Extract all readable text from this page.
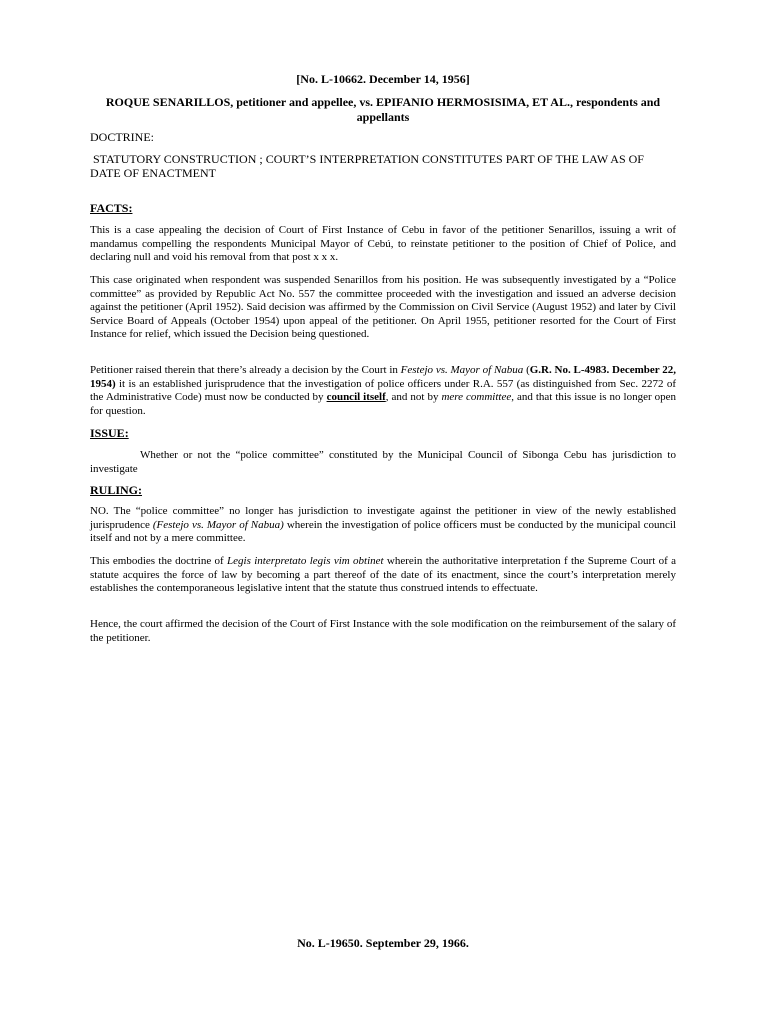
[No. L-10662. December 14, 1956]
ROQUE SENARILLOS, petitioner and appellee, vs. EPIFANIO HERMOSISIMA, ET AL., respondents and appellants
DOCTRINE:
STATUTORY CONSTRUCTION ; COURT’S INTERPRETATION CONSTITUTES PART OF THE LAW AS OF DATE OF ENACTMENT
FACTS:

This is a case appealing the decision of Court of First Instance of Cebu in favor of the petitioner Senarillos, issuing a writ of mandamus compelling the respondents Municipal Mayor of Cebú, to reinstate petitioner to the position of Chief of Police, and declaring null and void his removal from that post x x x.

This case originated when respondent was suspended Senarillos from his position. He was subsequently investigated by a “Police committee” as provided by Republic Act No. 557 the committee proceeded with the investigation and issued an adverse decision against the petitioner (April 1952). Said decision was affirmed by the Commission on Civil Service (August 1952) and later by Civil Service Board of Appeals (October 1954) upon appeal of the petitioner. On April 1955, petitioner resorted for the Court of First Instance for relief, which issued the Decision being questioned.

Petitioner raised therein that there’s already a decision by the Court in Festejo vs. Mayor of Nabua (G.R. No. L-4983. December 22, 1954) it is an established jurisprudence that the investigation of police officers under R.A. 557 (as distinguished from Sec. 2272 of the Administrative Code) must now be conducted by council itself, and not by mere committee, and that this issue is no longer open for question.

ISSUE:

Whether or not the “police committee” constituted by the Municipal Council of Sibonga Cebu has jurisdiction to investigate

RULING:

NO. The “police committee” no longer has jurisdiction to investigate against the petitioner in view of the newly established jurisprudence (Festejo vs. Mayor of Nabua) wherein the investigation of police officers must be conducted by the municipal council itself and not by a mere committee.

This embodies the doctrine of Legis interpretato legis vim obtinet wherein the authoritative interpretation f the Supreme Court of a statute acquires the force of law by becoming a part thereof of the date of its enactment, since the court’s interpretation merely establishes the contemporaneous legislative intent that the statute thus construed intends to effectuate.

Hence, the court affirmed the decision of the Court of First Instance with the sole modification on the reimbursement of the salary of the petitioner.

No. L-19650. September 29, 1966.
